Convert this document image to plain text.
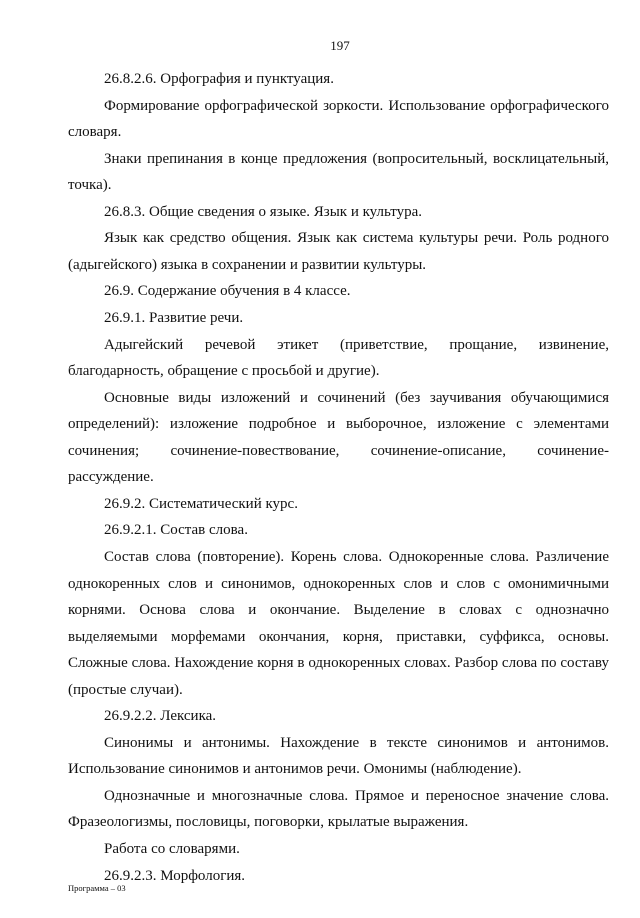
197

26.8.2.6. Орфография и пунктуация.

Формирование орфографической зоркости. Использование орфографического словаря.

Знаки препинания в конце предложения (вопросительный, восклицательный, точка).

26.8.3. Общие сведения о языке. Язык и культура.

Язык как средство общения. Язык как система культуры речи. Роль родного (адыгейского) языка в сохранении и развитии культуры.

26.9. Содержание обучения в 4 классе.

26.9.1. Развитие речи.

Адыгейский речевой этикет (приветствие, прощание, извинение, благодарность, обращение с просьбой и другие).

Основные виды изложений и сочинений (без заучивания обучающимися определений): изложение подробное и выборочное, изложение с элементами сочинения; сочинение-повествование, сочинение-описание, сочинение-рассуждение.

26.9.2. Систематический курс.

26.9.2.1. Состав слова.

Состав слова (повторение). Корень слова. Однокоренные слова. Различение однокоренных слов и синонимов, однокоренных слов и слов с омонимичными корнями. Основа слова и окончание. Выделение в словах с однозначно выделяемыми морфемами окончания, корня, приставки, суффикса, основы. Сложные слова. Нахождение корня в однокоренных словах. Разбор слова по составу (простые случаи).

26.9.2.2. Лексика.

Синонимы и антонимы. Нахождение в тексте синонимов и антонимов. Использование синонимов и антонимов речи. Омонимы (наблюдение).

Однозначные и многозначные слова. Прямое и переносное значение слова. Фразеологизмы, пословицы, поговорки, крылатые выражения.

Работа со словарями.

26.9.2.3. Морфология.

Программа – 03
